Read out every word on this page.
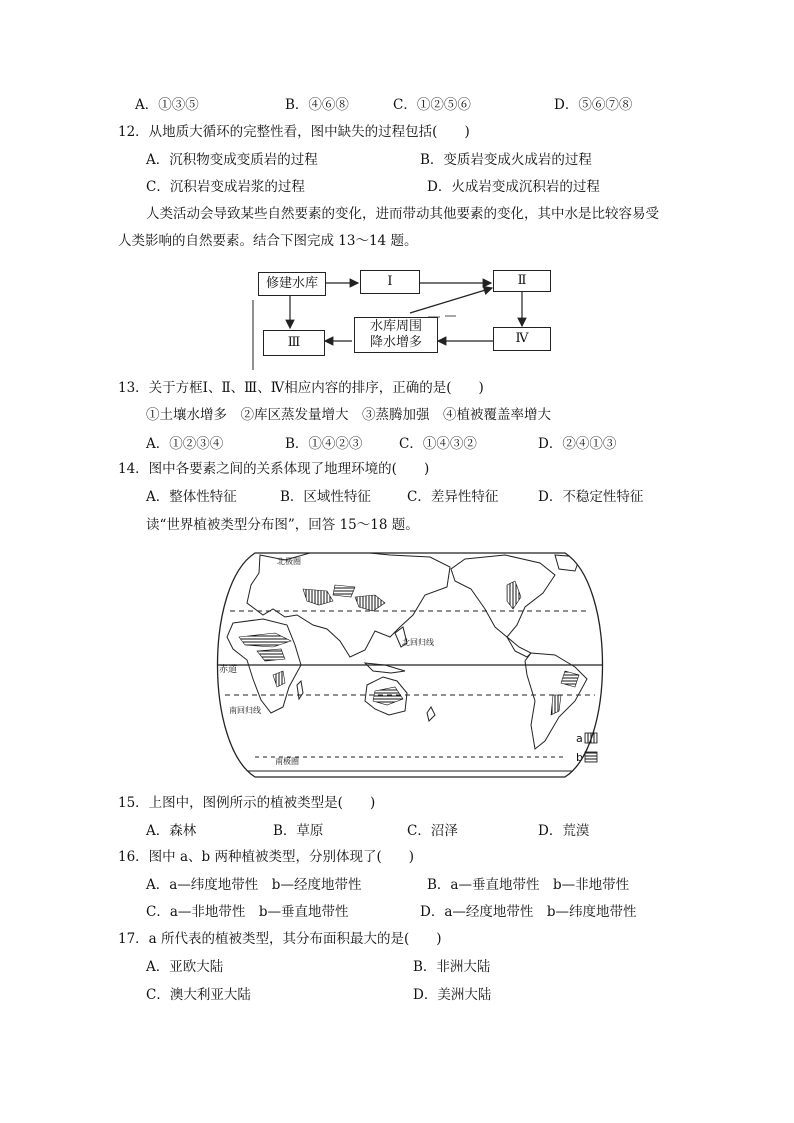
A．①③⑤	B．④⑥⑧	C．①②⑤⑥	D．⑤⑥⑦⑧
12．从地质大循环的完整性看，图中缺失的过程包括(　　)
A．沉积物变成变质岩的过程	B．变质岩变成火成岩的过程
C．沉积岩变成岩浆的过程	D．火成岩变成沉积岩的过程
人类活动会导致某些自然要素的变化，进而带动其他要素的变化，其中水是比较容易受
人类影响的自然要素。结合下图完成 13～14 题。
修建水库	Ⅰ	Ⅱ
Ⅲ	Ⅳ
水库周围
降水增多
13．关于方框Ⅰ、Ⅱ、Ⅲ、Ⅳ相应内容的排序，正确的是(　　)
①土壤水增多　②库区蒸发量增大　③蒸腾加强　④植被覆盖率增大
A．①②③④	B．①④②③	C．①④③②	D．②④①③
14．图中各要素之间的关系体现了地理环境的(　　)
A．整体性特征	B．区域性特征	C．差异性特征	D．不稳定性特征
读“世界植被类型分布图”，回答 15～18 题。
a
b
北极圈
北回归线
赤道
南回归线
南极圈
15．上图中，图例所示的植被类型是(　　)
A．森林	B．草原	C．沼泽	D．荒漠
16．图中 a、b 两种植被类型，分别体现了(　　)
A．a—纬度地带性　b—经度地带性	B．a—垂直地带性　b—非地带性
C．a—非地带性　b—垂直地带性	D．a—经度地带性　b—纬度地带性
17．a 所代表的植被类型，其分布面积最大的是(　　)
A．亚欧大陆	B．非洲大陆
C．澳大利亚大陆	D．美洲大陆
